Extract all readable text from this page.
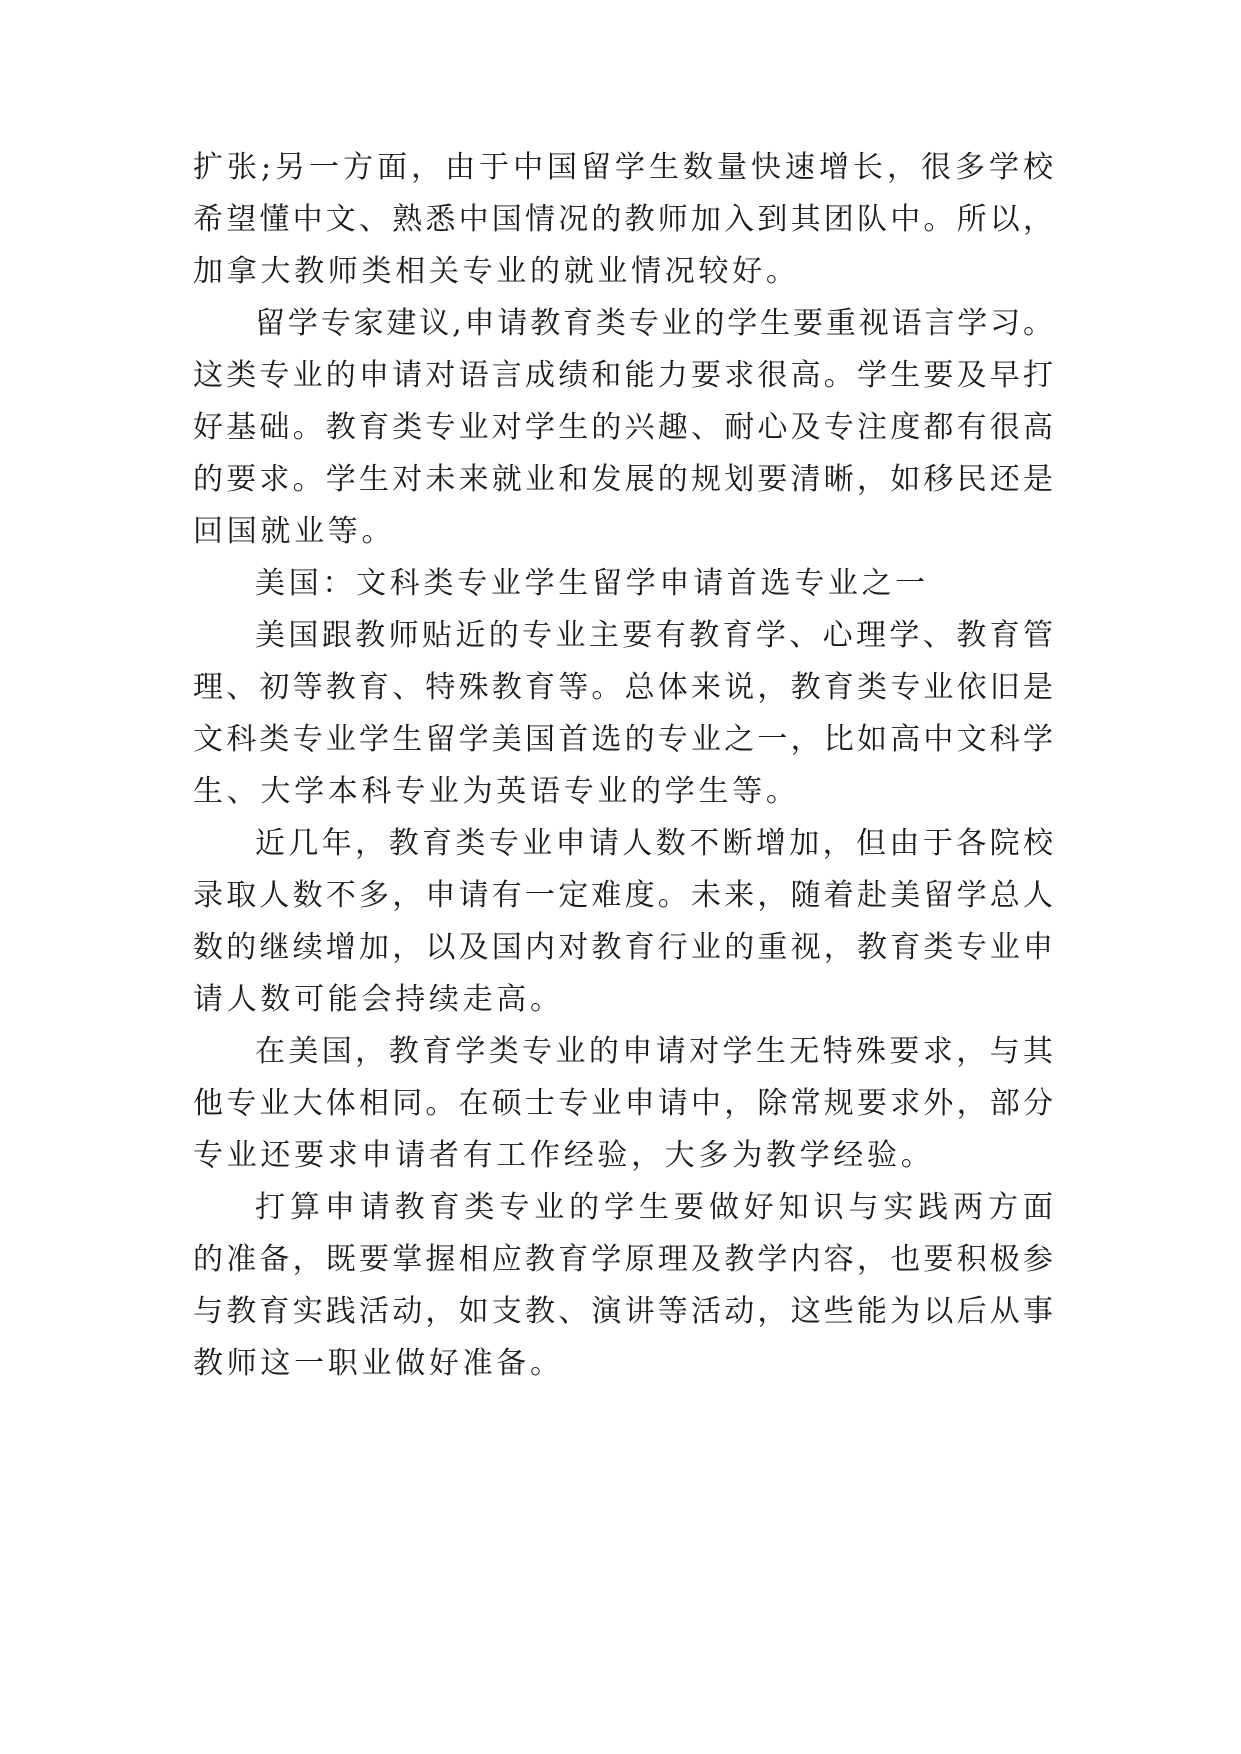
扩张;另一方面，由于中国留学生数量快速增长，很多学校
希望懂中文、熟悉中国情况的教师加入到其团队中。所以，
加拿大教师类相关专业的就业情况较好。
留学专家建议,申请教育类专业的学生要重视语言学习。
这类专业的申请对语言成绩和能力要求很高。学生要及早打
好基础。教育类专业对学生的兴趣、耐心及专注度都有很高
的要求。学生对未来就业和发展的规划要清晰，如移民还是
回国就业等。
美国：文科类专业学生留学申请首选专业之一
美国跟教师贴近的专业主要有教育学、心理学、教育管
理、初等教育、特殊教育等。总体来说，教育类专业依旧是
文科类专业学生留学美国首选的专业之一，比如高中文科学
生、大学本科专业为英语专业的学生等。
近几年，教育类专业申请人数不断增加，但由于各院校
录取人数不多，申请有一定难度。未来，随着赴美留学总人
数的继续增加，以及国内对教育行业的重视，教育类专业申
请人数可能会持续走高。
在美国，教育学类专业的申请对学生无特殊要求，与其
他专业大体相同。在硕士专业申请中，除常规要求外，部分
专业还要求申请者有工作经验，大多为教学经验。
打算申请教育类专业的学生要做好知识与实践两方面
的准备，既要掌握相应教育学原理及教学内容，也要积极参
与教育实践活动，如支教、演讲等活动，这些能为以后从事
教师这一职业做好准备。
